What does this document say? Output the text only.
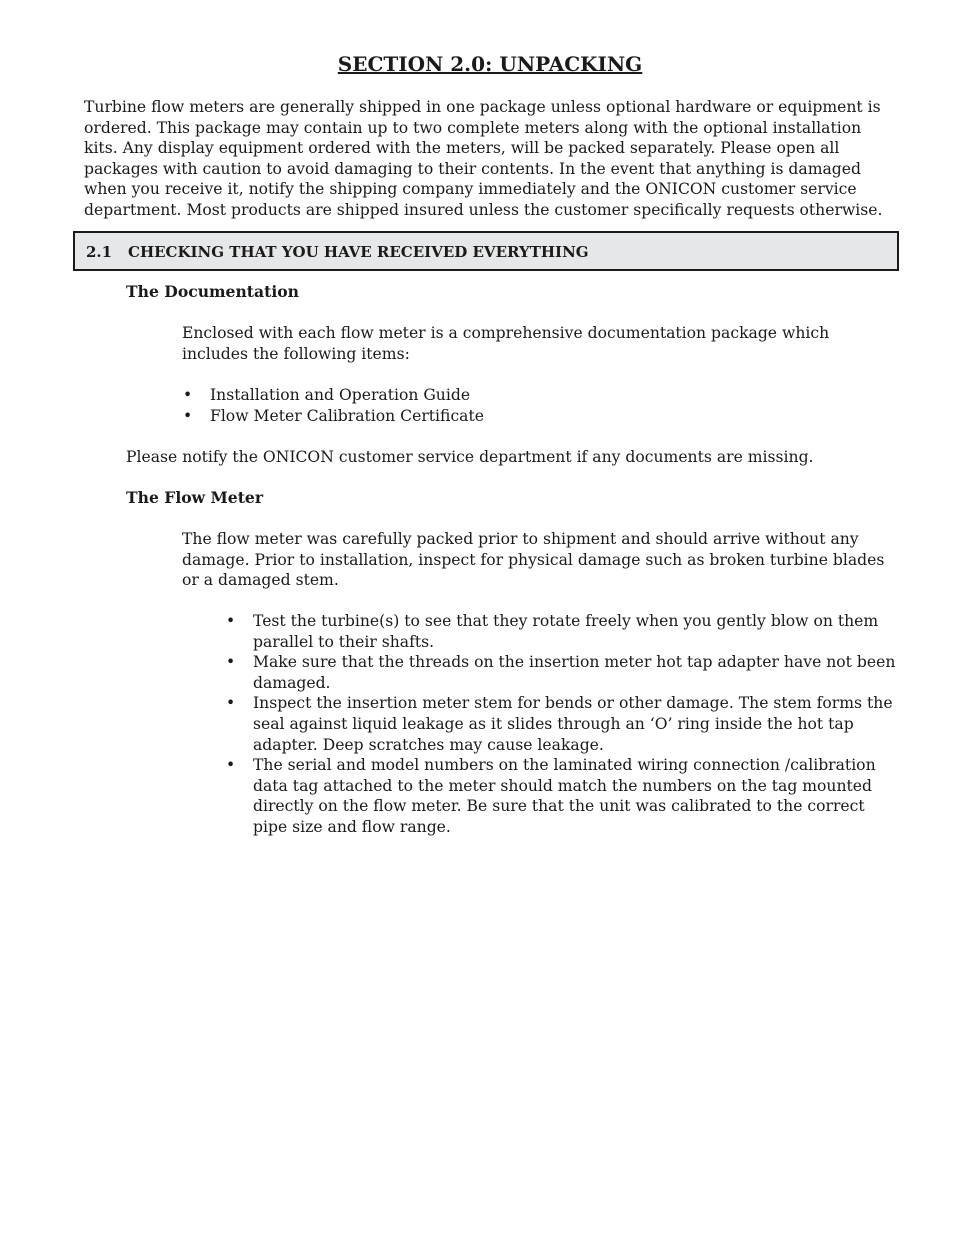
SECTION 2.0: UNPACKING

Turbine flow meters are generally shipped in one package unless optional hardware or equipment is ordered. This package may contain up to two complete meters along with the optional installation kits. Any display equipment ordered with the meters, will be packed separately. Please open all packages with caution to avoid damaging to their contents. In the event that anything is damaged when you receive it, notify the shipping company immediately and the ONICON customer service department. Most products are shipped insured unless the customer specifically requests otherwise.

2.1 CHECKING THAT YOU HAVE RECEIVED EVERYTHING
The Documentation

Enclosed with each flow meter is a comprehensive documentation package which includes the following items:

• Installation and Operation Guide
• Flow Meter Calibration Certificate

Please notify the ONICON customer service department if any documents are missing.

The Flow Meter

The flow meter was carefully packed prior to shipment and should arrive without any damage. Prior to installation, inspect for physical damage such as broken turbine blades or a damaged stem.

• Test the turbine(s) to see that they rotate freely when you gently blow on them parallel to their shafts.
• Make sure that the threads on the insertion meter hot tap adapter have not been damaged.
• Inspect the insertion meter stem for bends or other damage. The stem forms the seal against liquid leakage as it slides through an ‘O’ ring inside the hot tap adapter. Deep scratches may cause leakage.
• The serial and model numbers on the laminated wiring connection /calibration data tag attached to the meter should match the numbers on the tag mounted directly on the flow meter. Be sure that the unit was calibrated to the correct pipe size and flow range.
